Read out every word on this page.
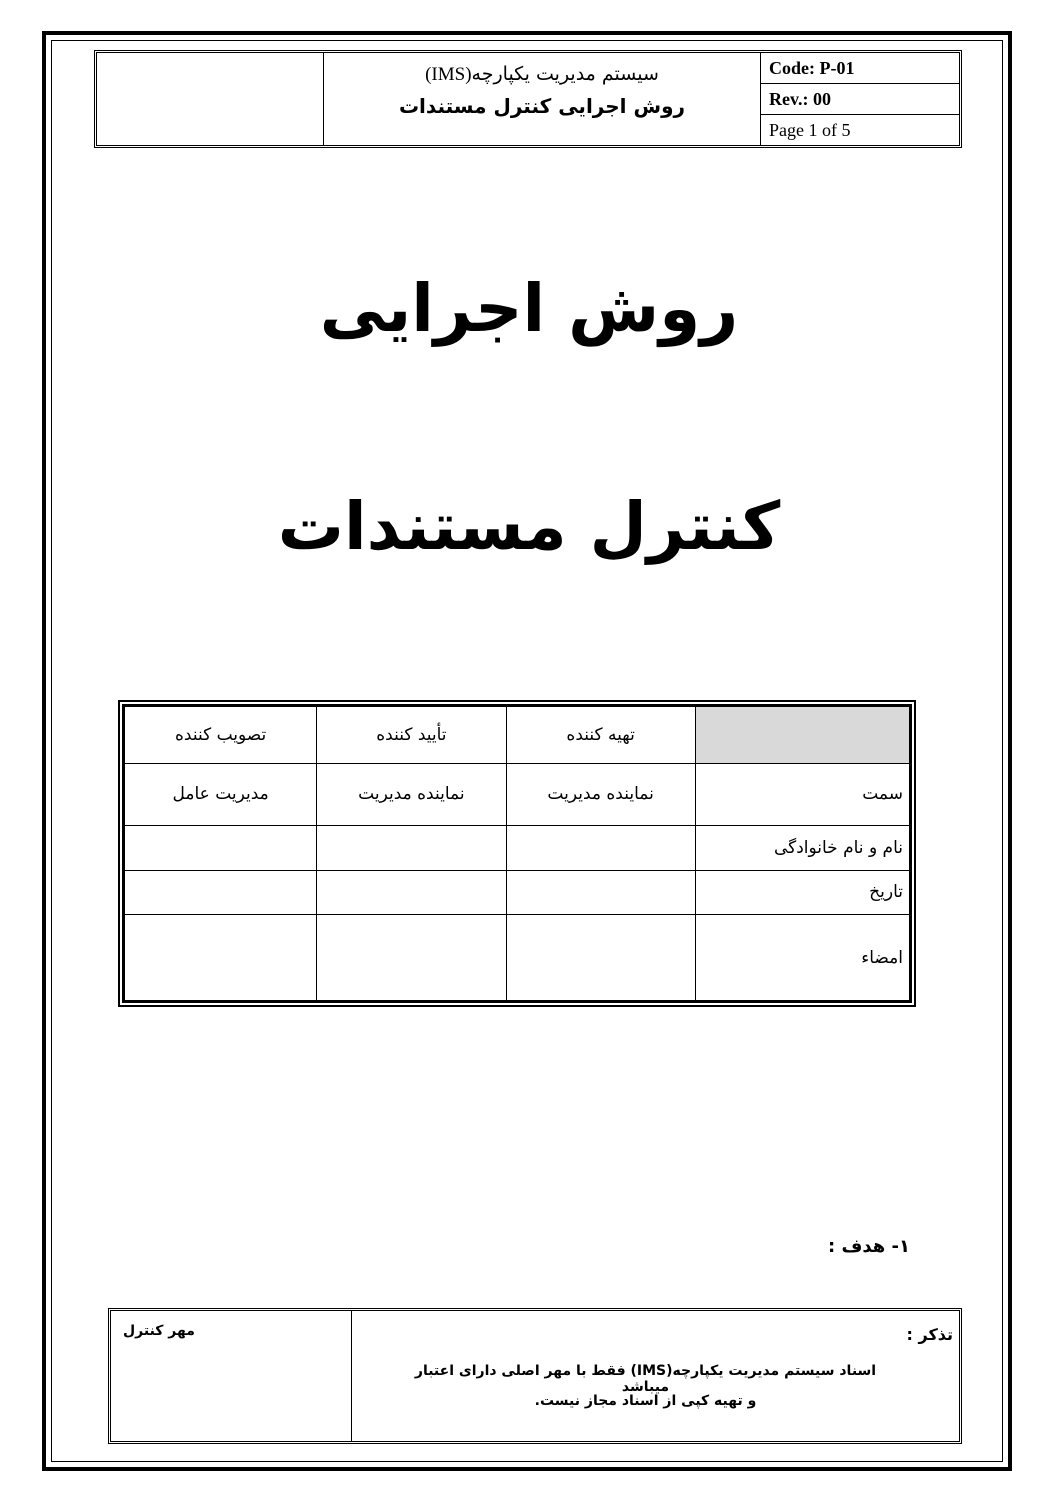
سیستم مدیریت یکپارچه(IMS)
روش اجرایی کنترل مستندات
Code: P-01
Rev.: 00
Page 1 of 5
روش اجرایی
کنترل مستندات
	تهیه کننده	تأیید کننده	تصویب کننده
سمت	نماینده مدیریت	نماینده مدیریت	مدیریت عامل
نام و نام خانوادگی			
تاریخ			
امضاء			
۱- هدف :
تذکر :
اسناد سیستم مدیریت یکپارچه(IMS) فقط با مهر اصلی دارای اعتبار میباشد
و تهیه کپی از اسناد مجاز نیست.
مهر کنترل
